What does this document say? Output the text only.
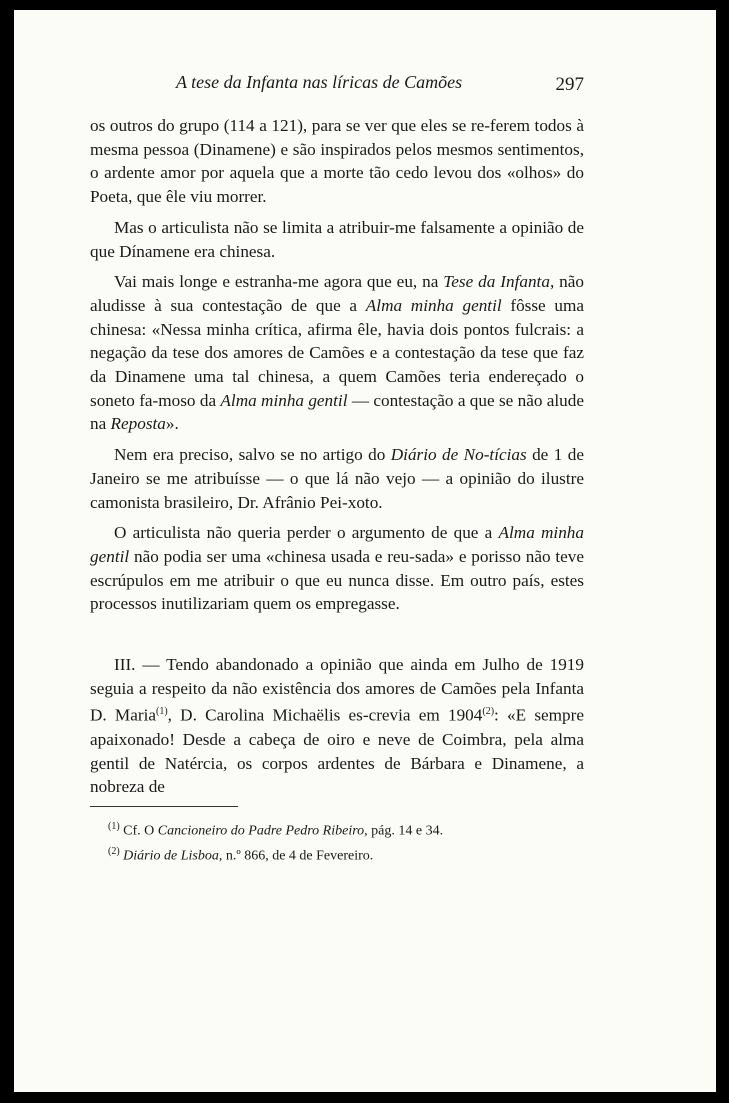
A tese da Infanta nas líricas de Camões	297

os outros do grupo (114 a 121), para se ver que eles se re-ferem todos à mesma pessoa (Dinamene) e são inspirados pelos mesmos sentimentos, o ardente amor por aquela que a morte tão cedo levou dos «olhos» do Poeta, que êle viu morrer.

Mas o articulista não se limita a atribuir-me falsamente a opinião de que Dínamene era chinesa.

Vai mais longe e estranha-me agora que eu, na Tese da Infanta, não aludisse à sua contestação de que a Alma minha gentil fôsse uma chinesa: «Nessa minha crítica, afirma êle, havia dois pontos fulcrais: a negação da tese dos amores de Camões e a contestação da tese que faz da Dinamene uma tal chinesa, a quem Camões teria endereçado o soneto fa-moso da Alma minha gentil — contestação a que se não alude na Reposta».

Nem era preciso, salvo se no artigo do Diário de No-tícias de 1 de Janeiro se me atribuísse — o que lá não vejo — a opinião do ilustre camonista brasileiro, Dr. Afrânio Pei-xoto.

O articulista não queria perder o argumento de que a Alma minha gentil não podia ser uma «chinesa usada e reu-sada» e porisso não teve escrúpulos em me atribuir o que eu nunca disse. Em outro país, estes processos inutilizariam quem os empregasse.

III. — Tendo abandonado a opinião que ainda em Julho de 1919 seguia a respeito da não existência dos amores de Camões pela Infanta D. Maria$^{(1)}$, D. Carolina Michaëlis es-crevia em 1904$^{(2)}$: «E sempre apaixonado! Desde a cabeça de oiro e neve de Coimbra, pela alma gentil de Natércia, os corpos ardentes de Bárbara e Dinamene, a nobreza de

$^{(1)}$ Cf. O Cancioneiro do Padre Pedro Ribeiro, pág. 14 e 34.
$^{(2)}$ Diário de Lisboa, n.º 866, de 4 de Fevereiro.
